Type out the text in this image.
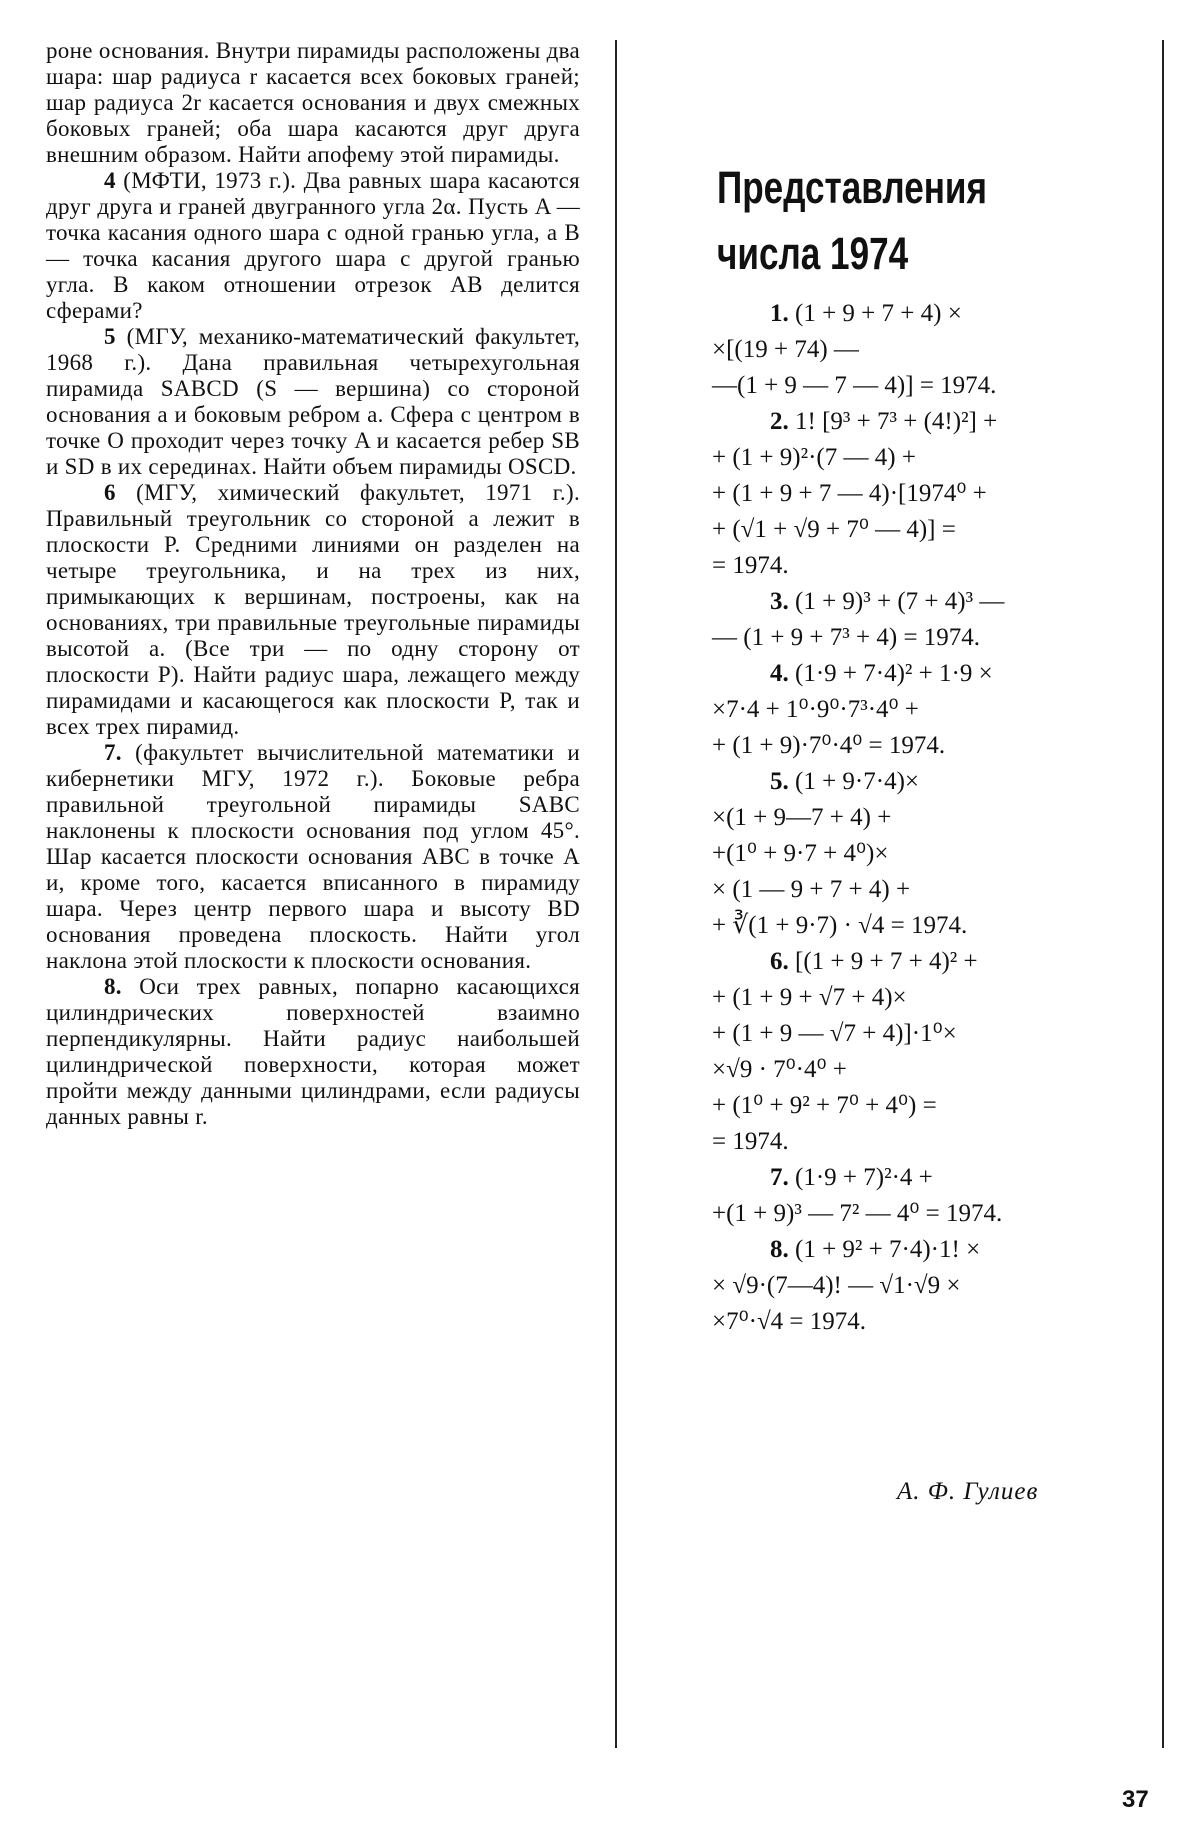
роне основания. Внутри пирамиды расположены два шара: шар радиуса r касается всех боковых граней; шар радиуса 2r касается основания и двух смежных боковых граней; оба шара касаются друг друга внешним образом. Найти апофему этой пирамиды.

4 (МФТИ, 1973 г.). Два равных шара касаются друг друга и граней двугранного угла 2α. Пусть A — точка касания одного шара с одной гранью угла, а B — точка касания другого шара с другой гранью угла. В каком отношении отрезок AB делится сферами?

5 (МГУ, механико-математический факультет, 1968 г.). Дана правильная четырехугольная пирамида SABCD (S — вершина) со стороной основания a и боковым ребром a. Сфера с центром в точке O проходит через точку A и касается ребер SB и SD в их серединах. Найти объем пирамиды OSCD.

6 (МГУ, химический факультет, 1971 г.). Правильный треугольник со стороной a лежит в плоскости P. Средними линиями он разделен на четыре треугольника, и на трех из них, примыкающих к вершинам, построены, как на основаниях, три правильные треугольные пирамиды высотой a. (Все три — по одну сторону от плоскости P). Найти радиус шара, лежащего между пирамидами и касающегося как плоскости P, так и всех трех пирамид.

7. (факультет вычислительной математики и кибернетики МГУ, 1972 г.). Боковые ребра правильной треугольной пирамиды SABC наклонены к плоскости основания под углом 45°. Шар касается плоскости основания ABC в точке A и, кроме того, касается вписанного в пирамиду шара. Через центр первого шара и высоту BD основания проведена плоскость. Найти угол наклона этой плоскости к плоскости основания.

8. Оси трех равных, попарно касающихся цилиндрических поверхностей взаимно перпендикулярны. Найти радиус наибольшей цилиндрической поверхности, которая может пройти между данными цилиндрами, если радиусы данных равны r.

Представления
числа 1974
1. (1 + 9 + 7 + 4) ×
×[(19 + 74) —
—(1 + 9 — 7 — 4)] = 1974.
2. 1! [9³ + 7³ + (4!)²] +
+ (1 + 9)²·(7 — 4) +
+ (1 + 9 + 7 — 4)·[1974⁰ +
+ (√1 + √9 + 7⁰ — 4)] =
= 1974.
3. (1 + 9)³ + (7 + 4)³ —
— (1 + 9 + 7³ + 4) = 1974.
4. (1·9 + 7·4)² + 1·9 ×
×7·4 + 1⁰·9⁰·7³·4⁰ +
+ (1 + 9)·7⁰·4⁰ = 1974.
5. (1 + 9·7·4)×
×(1 + 9—7 + 4) +
+(1⁰ + 9·7 + 4⁰)×
× (1 — 9 + 7 + 4) +
+ ∛(1 + 9·7) · √4 = 1974.
6. [(1 + 9 + 7 + 4)² +
+ (1 + 9 + √7 + 4)×
+ (1 + 9 — √7 + 4)]·1⁰×
×√9 · 7⁰·4⁰ +
+ (1⁰ + 9² + 7⁰ + 4⁰) =
= 1974.
7. (1·9 + 7)²·4 +
+(1 + 9)³ — 7² — 4⁰ = 1974.
8. (1 + 9² + 7·4)·1! ×
× √9·(7—4)! — √1·√9 ×
×7⁰·√4 = 1974.
А. Ф. Гулиев
37
